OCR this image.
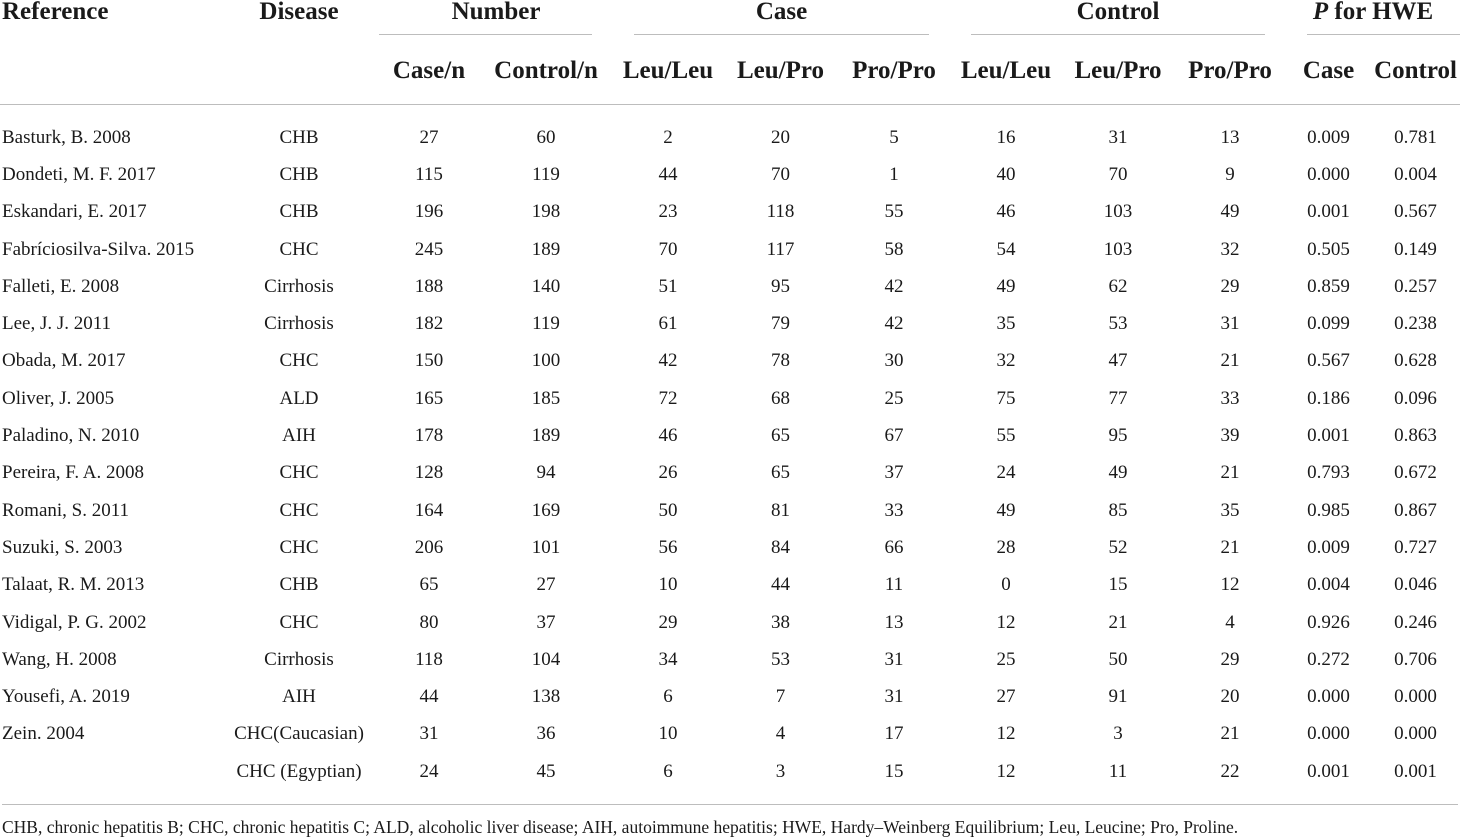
Reference	Disease	Number		Case			Control			P for HWE	

		Case/n	Control/n	Leu/Leu	Leu/Pro	Pro/Pro	Leu/Leu	Leu/Pro	Pro/Pro	Case	Control
Basturk, B. 2008	CHB	27	60	2	20	5	16	31	13	0.009	0.781
Dondeti, M. F. 2017	CHB	115	119	44	70	1	40	70	9	0.000	0.004
Eskandari, E. 2017	CHB	196	198	23	118	55	46	103	49	0.001	0.567
Fabríciosilva-Silva. 2015	CHC	245	189	70	117	58	54	103	32	0.505	0.149
Falleti, E. 2008	Cirrhosis	188	140	51	95	42	49	62	29	0.859	0.257
Lee, J. J. 2011	Cirrhosis	182	119	61	79	42	35	53	31	0.099	0.238
Obada, M. 2017	CHC	150	100	42	78	30	32	47	21	0.567	0.628
Oliver, J. 2005	ALD	165	185	72	68	25	75	77	33	0.186	0.096
Paladino, N. 2010	AIH	178	189	46	65	67	55	95	39	0.001	0.863
Pereira, F. A. 2008	CHC	128	94	26	65	37	24	49	21	0.793	0.672
Romani, S. 2011	CHC	164	169	50	81	33	49	85	35	0.985	0.867
Suzuki, S. 2003	CHC	206	101	56	84	66	28	52	21	0.009	0.727
Talaat, R. M. 2013	CHB	65	27	10	44	11	0	15	12	0.004	0.046
Vidigal, P. G. 2002	CHC	80	37	29	38	13	12	21	4	0.926	0.246
Wang, H. 2008	Cirrhosis	118	104	34	53	31	25	50	29	0.272	0.706
Yousefi, A. 2019	AIH	44	138	6	7	31	27	91	20	0.000	0.000
Zein. 2004	CHC(Caucasian)	31	36	10	4	17	12	3	21	0.000	0.000
	CHC (Egyptian)	24	45	6	3	15	12	11	22	0.001	0.001
CHB, chronic hepatitis B; CHC, chronic hepatitis C; ALD, alcoholic liver disease; AIH, autoimmune hepatitis; HWE, Hardy–Weinberg Equilibrium; Leu, Leucine; Pro, Proline.
